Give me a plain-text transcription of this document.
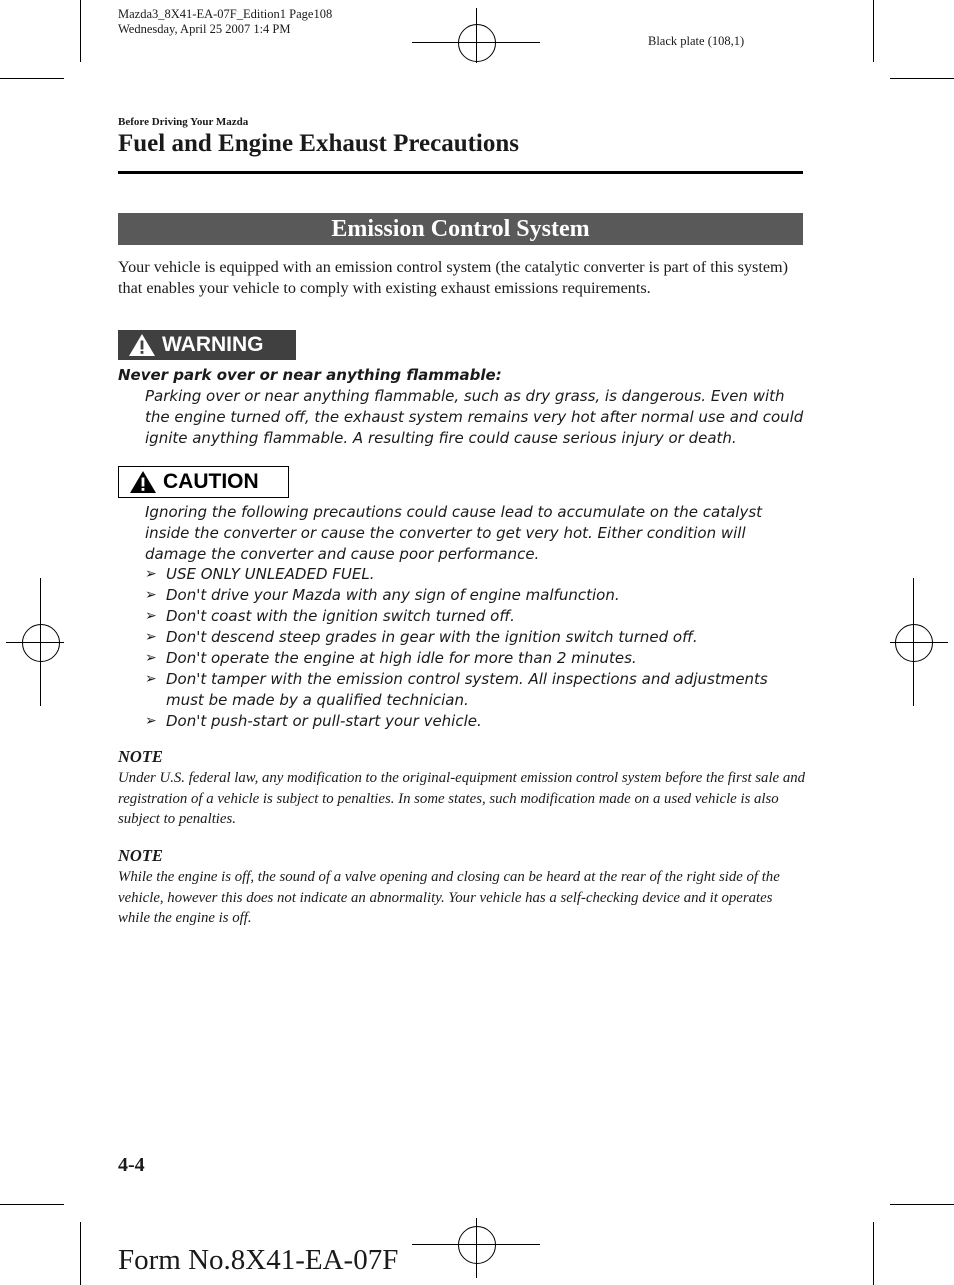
Mazda3_8X41-EA-07F_Edition1 Page108
Wednesday, April 25 2007 1:4 PM
Black plate (108,1)
Before Driving Your Mazda
Fuel and Engine Exhaust Precautions
Emission Control System
Your vehicle is equipped with an emission control system (the catalytic converter is part of this system) that enables your vehicle to comply with existing exhaust emissions requirements.
WARNING
Never park over or near anything flammable:
Parking over or near anything flammable, such as dry grass, is dangerous. Even with the engine turned off, the exhaust system remains very hot after normal use and could ignite anything flammable. A resulting fire could cause serious injury or death.
CAUTION
Ignoring the following precautions could cause lead to accumulate on the catalyst inside the converter or cause the converter to get very hot. Either condition will damage the converter and cause poor performance.
➢ USE ONLY UNLEADED FUEL.
➢ Don't drive your Mazda with any sign of engine malfunction.
➢ Don't coast with the ignition switch turned off.
➢ Don't descend steep grades in gear with the ignition switch turned off.
➢ Don't operate the engine at high idle for more than 2 minutes.
➢ Don't tamper with the emission control system. All inspections and adjustments must be made by a qualified technician.
➢ Don't push-start or pull-start your vehicle.
NOTE
Under U.S. federal law, any modification to the original-equipment emission control system before the first sale and registration of a vehicle is subject to penalties. In some states, such modification made on a used vehicle is also subject to penalties.
NOTE
While the engine is off, the sound of a valve opening and closing can be heard at the rear of the right side of the vehicle, however this does not indicate an abnormality. Your vehicle has a self-checking device and it operates while the engine is off.
4-4
Form No.8X41-EA-07F
